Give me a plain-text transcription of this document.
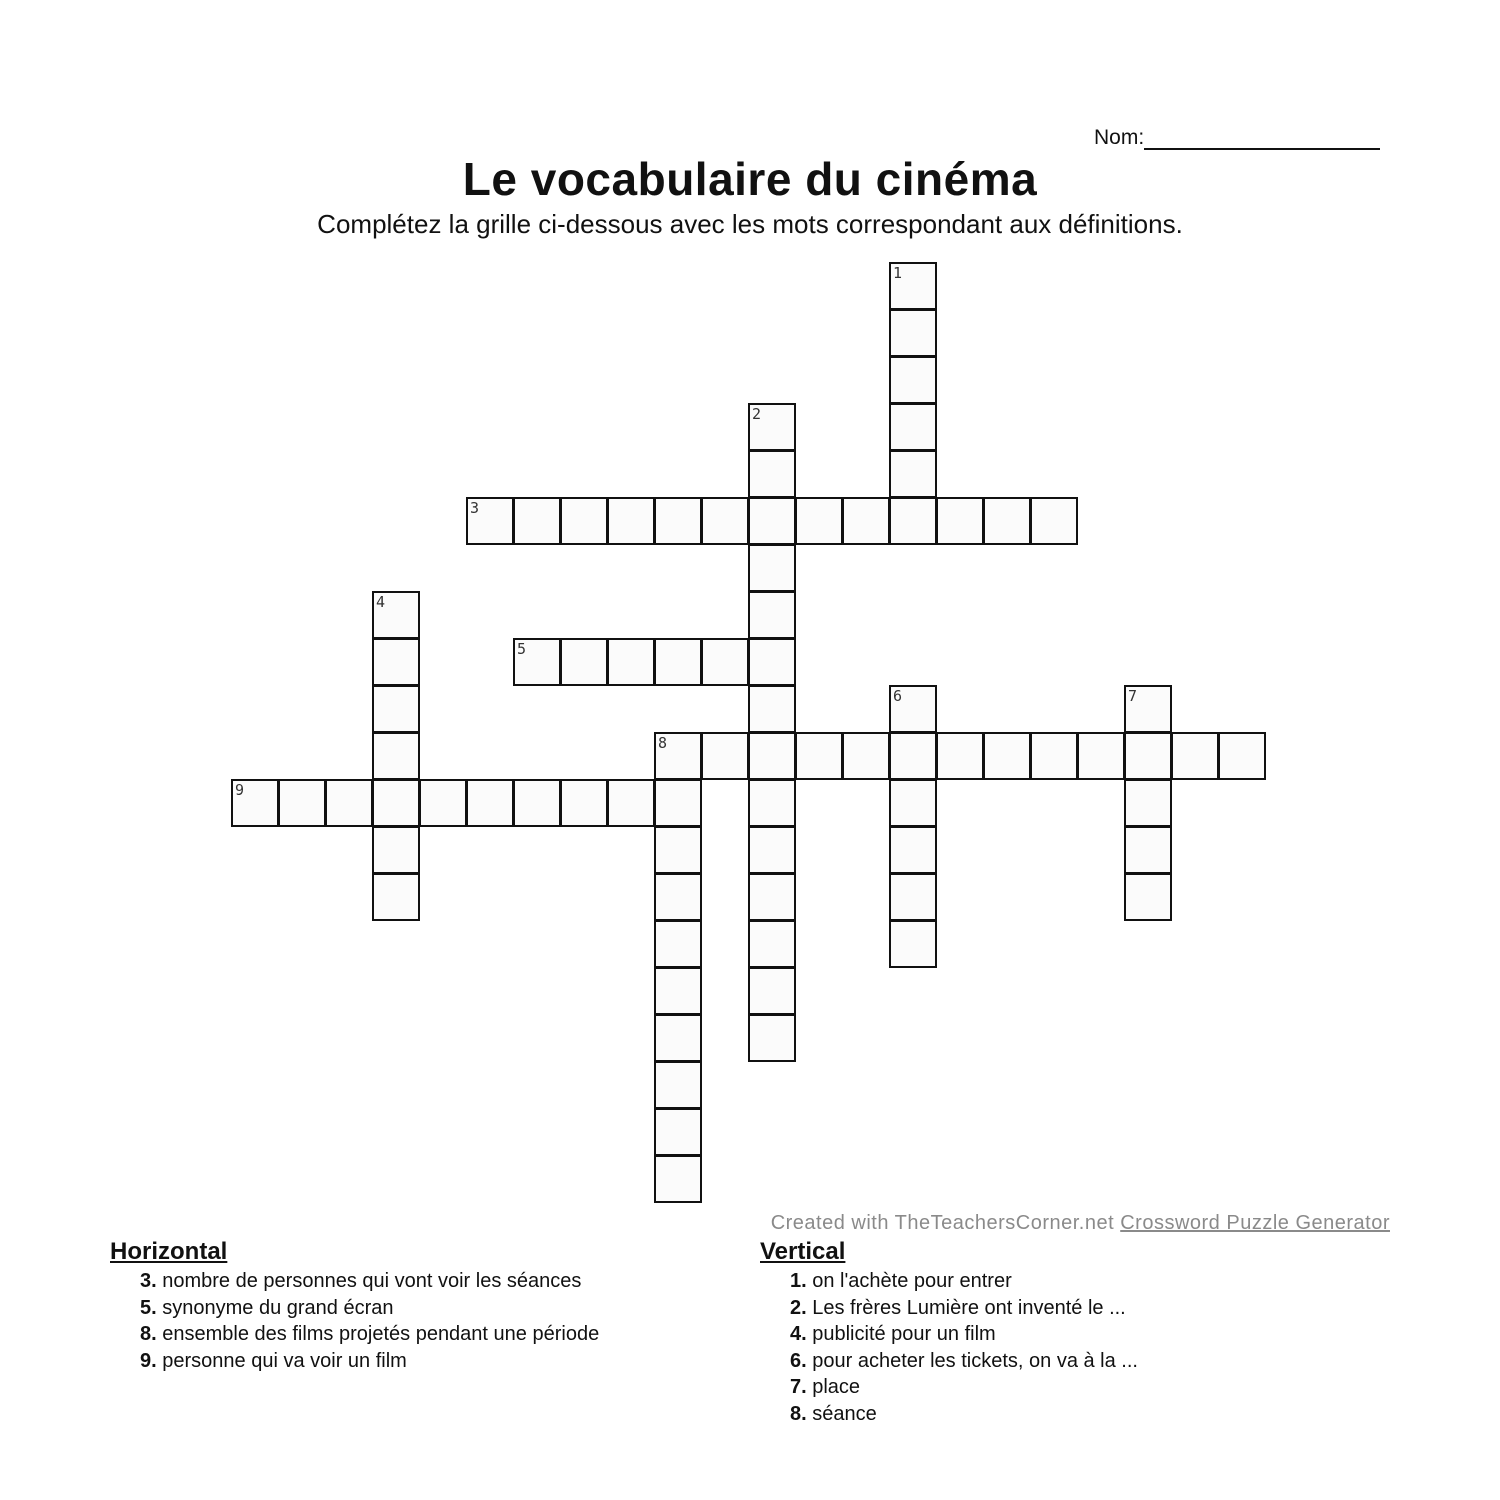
Nom:
Le vocabulaire du cinéma
Complétez la grille ci-dessous avec les mots correspondant aux définitions.
1
2
3
4
5
6	7
8
9
Created with TheTeachersCorner.net Crossword Puzzle Generator
Horizontal
3. nombre de personnes qui vont voir les séances
5. synonyme du grand écran
8. ensemble des films projetés pendant une période
9. personne qui va voir un film
Vertical
1. on l'achète pour entrer
2. Les frères Lumière ont inventé le ...
4. publicité pour un film
6. pour acheter les tickets, on va à la ...
7. place
8. séance
